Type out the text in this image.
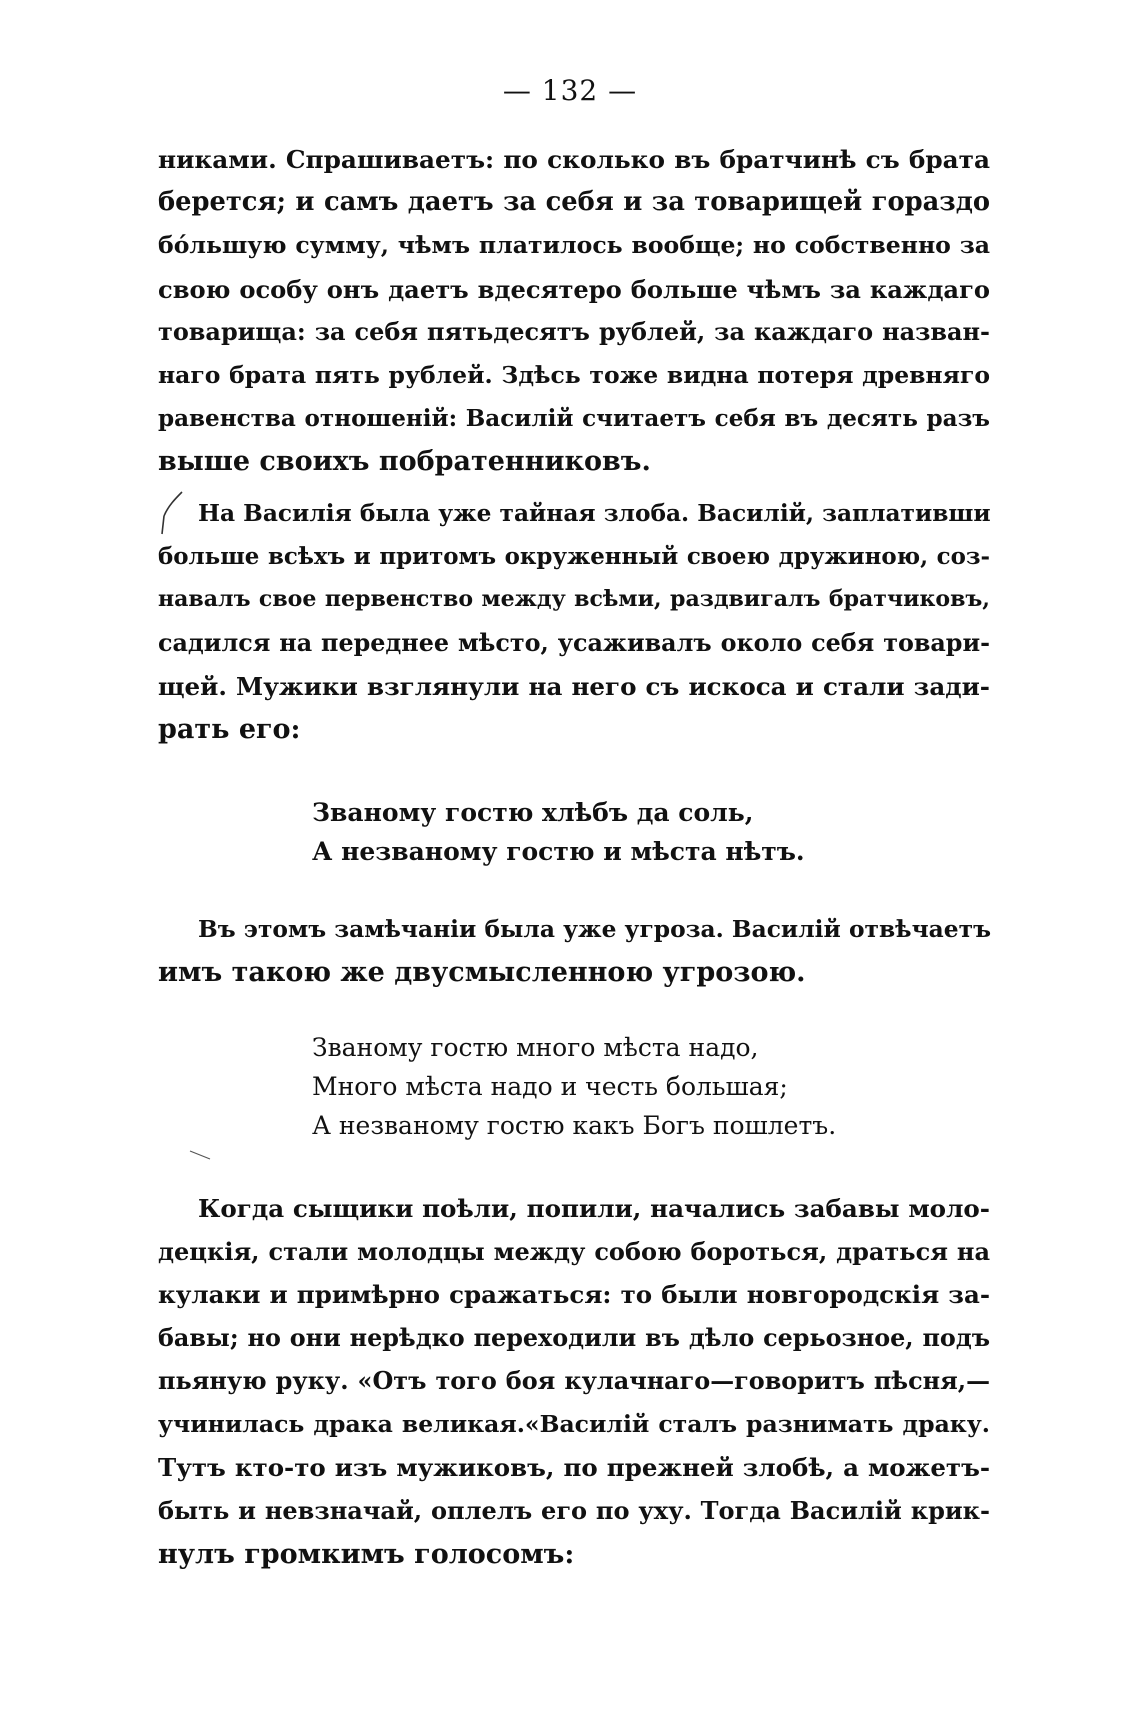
— 132 —
никами. Спрашиваетъ: по сколько въ братчинѣ съ брата
берется; и самъ даетъ за себя и за товарищей гораздо
бо́льшую сумму, чѣмъ платилось вообще; но собственно за
свою особу онъ даетъ вдесятеро больше чѣмъ за каждаго
товарища: за себя пятьдесятъ рублей, за каждаго назван-
наго брата пять рублей. Здѣсь тоже видна потеря древняго
равенства отношеній: Василій считаетъ себя въ десять разъ
выше своихъ побратенниковъ.
На Василія была уже тайная злоба. Василій, заплативши
больше всѣхъ и притомъ окруженный своею дружиною, соз-
навалъ свое первенство между всѣми, раздвигалъ братчиковъ,
садился на переднее мѣсто, усаживалъ около себя товари-
щей. Мужики взглянули на него съ искоса и стали зади-
рать его:
Званому гостю хлѣбъ да соль,
А незваному гостю и мѣста нѣтъ.
Въ этомъ замѣчаніи была уже угроза. Василій отвѣчаетъ
имъ такою же двусмысленною угрозою.
Званому гостю много мѣста надо,
Много мѣста надо и честь большая;
А незваному гостю какъ Богъ пошлетъ.
Когда сыщики поѣли, попили, начались забавы моло-
децкія, стали молодцы между собою бороться, драться на
кулаки и примѣрно сражаться: то были новгородскія за-
бавы; но они нерѣдко переходили въ дѣло серьозное, подъ
пьяную руку. «Отъ того боя кулачнаго—говоритъ пѣсня,—
учинилась драка великая.«Василій сталъ разнимать драку.
Тутъ кто-то изъ мужиковъ, по прежней злобѣ, а можетъ-
быть и невзначай, оплелъ его по уху. Тогда Василій крик-
нулъ громкимъ голосомъ:
